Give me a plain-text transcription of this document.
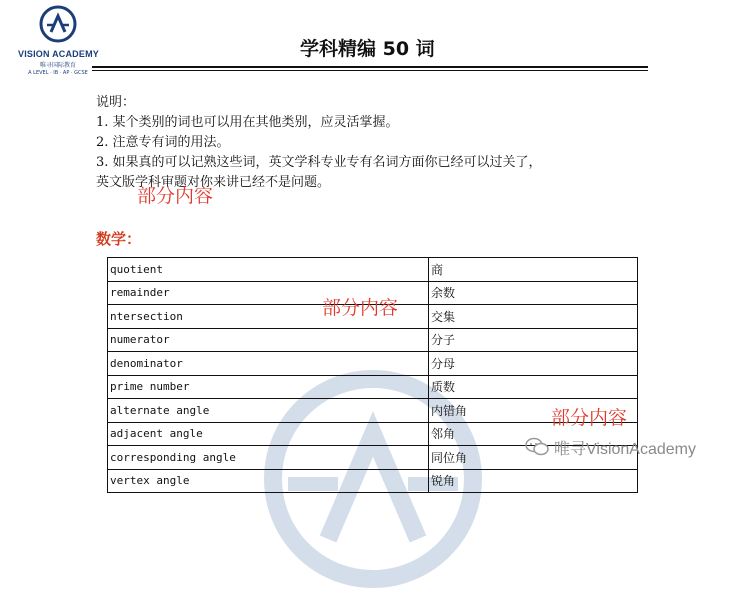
VISION ACADEMY
唯寻国际教育
A LEVEL · IB · AP · GCSE
学科精编 50 词
说明：
1. 某个类别的词也可以用在其他类别，应灵活掌握。
2. 注意专有词的用法。
3. 如果真的可以记熟这些词，英文学科专业专有名词方面你已经可以过关了，
英文版学科审题对你来讲已经不是问题。
数学：
quotient	商
remainder	余数
ntersection	交集
numerator	分子
denominator	分母
prime number	质数
alternate angle	内错角
adjacent angle	邻角
corresponding angle	同位角
vertex angle	锐角
部分内容
部分内容
部分内容
唯寻VisionAcademy
